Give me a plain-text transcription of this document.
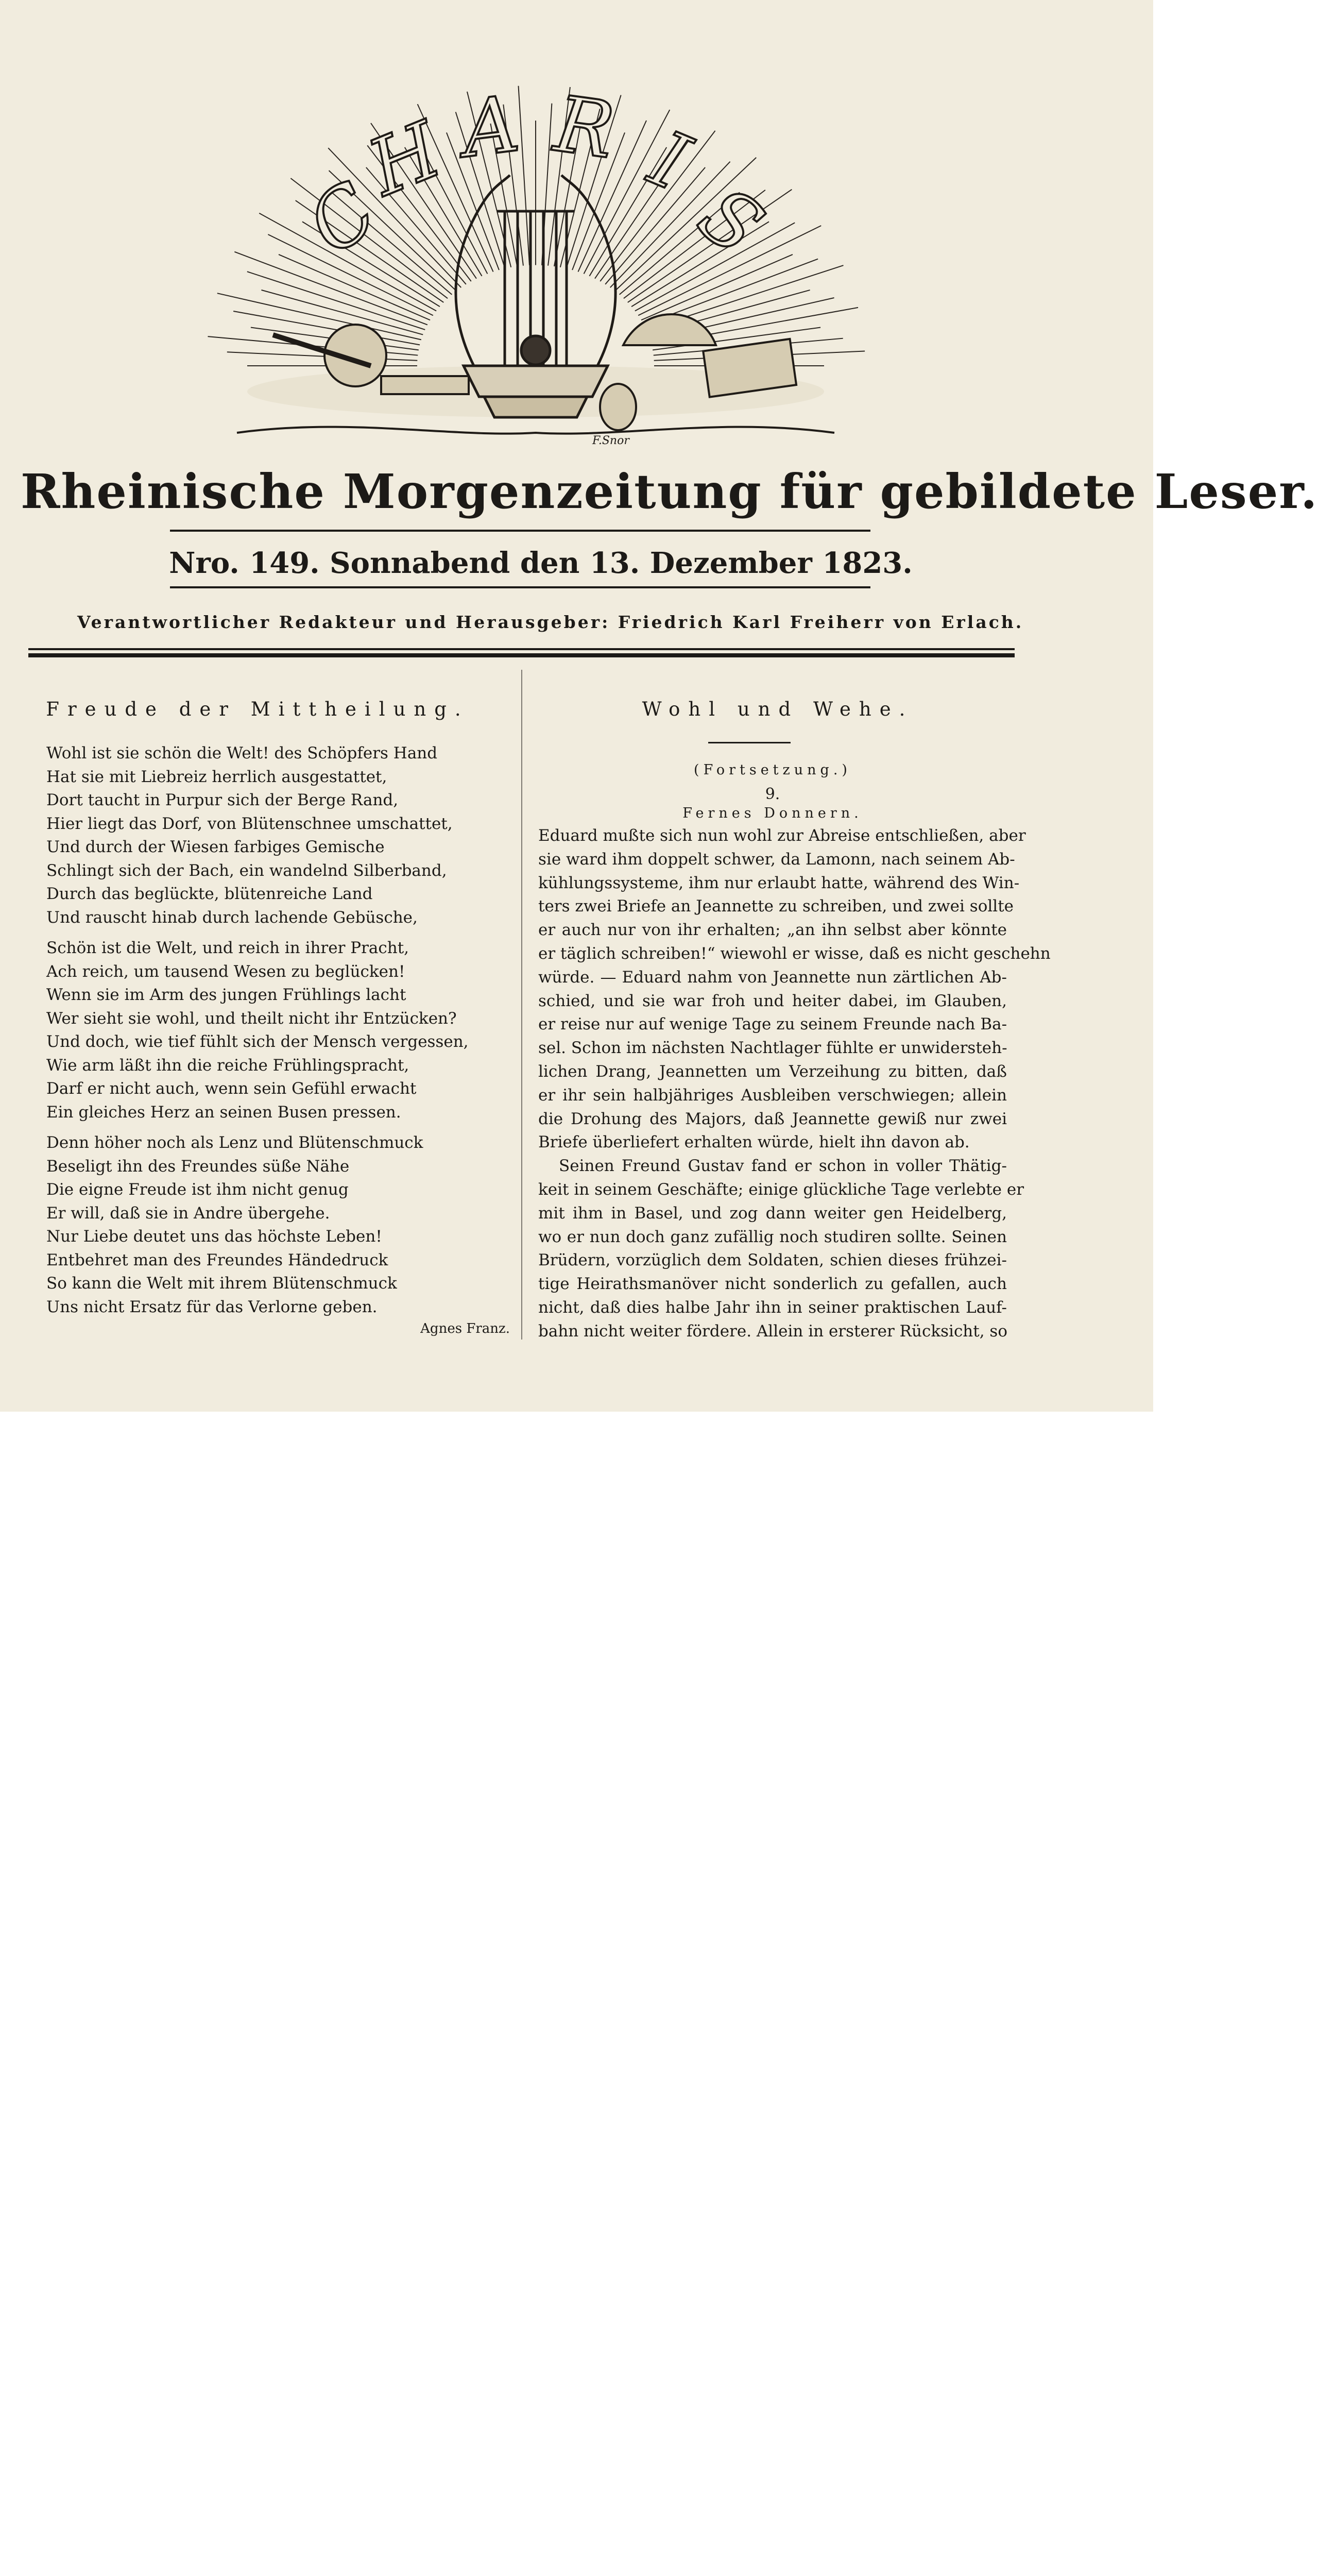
C
H A R I
S
F.Snor
Rheinische Morgenzeitung für gebildete Leser.
Nro. 149. Sonnabend den 13. Dezember 1823.
Verantwortlicher Redakteur und Herausgeber: Friedrich Karl Freiherr von Erlach.
Freude der Mittheilung.	Wohl und Wehe.
Wohl ist sie schön die Welt! des Schöpfers Hand
Hat sie mit Liebreiz herrlich ausgestattet,
Dort taucht in Purpur sich der Berge Rand,
Hier liegt das Dorf, von Blütenschnee umschattet,
Und durch der Wiesen farbiges Gemische
Schlingt sich der Bach, ein wandelnd Silberband,
Durch das beglückte, blütenreiche Land
Und rauscht hinab durch lachende Gebüsche,
Schön ist die Welt, und reich in ihrer Pracht,
Ach reich, um tausend Wesen zu beglücken!
Wenn sie im Arm des jungen Frühlings lacht
Wer sieht sie wohl, und theilt nicht ihr Entzücken?
Und doch, wie tief fühlt sich der Mensch vergessen,
Wie arm läßt ihn die reiche Frühlingspracht,
Darf er nicht auch, wenn sein Gefühl erwacht
Ein gleiches Herz an seinen Busen pressen.
Denn höher noch als Lenz und Blütenschmuck
Beseligt ihn des Freundes süße Nähe
Die eigne Freude ist ihm nicht genug
Er will, daß sie in Andre übergehe.
Nur Liebe deutet uns das höchste Leben!
Entbehret man des Freundes Händedruck
So kann die Welt mit ihrem Blütenschmuck
Uns nicht Ersatz für das Verlorne geben.
Agnes Franz.
(Fortsetzung.)
9.
Fernes Donnern.
Eduard mußte sich nun wohl zur Abreise entschließen, aber
sie ward ihm doppelt schwer, da Lamonn, nach seinem Ab-
kühlungssysteme, ihm nur erlaubt hatte, während des Win-
ters zwei Briefe an Jeannette zu schreiben, und zwei sollte
er auch nur von ihr erhalten; „an ihn selbst aber könnte
er täglich schreiben!“ wiewohl er wisse, daß es nicht geschehn
würde. — Eduard nahm von Jeannette nun zärtlichen Ab-
schied, und sie war froh und heiter dabei, im Glauben,
er reise nur auf wenige Tage zu seinem Freunde nach Ba-
sel. Schon im nächsten Nachtlager fühlte er unwidersteh-
lichen Drang, Jeannetten um Verzeihung zu bitten, daß
er ihr sein halbjähriges Ausbleiben verschwiegen; allein
die Drohung des Majors, daß Jeannette gewiß nur zwei
Briefe überliefert erhalten würde, hielt ihn davon ab.
Seinen Freund Gustav fand er schon in voller Thätig-
keit in seinem Geschäfte; einige glückliche Tage verlebte er
mit ihm in Basel, und zog dann weiter gen Heidelberg,
wo er nun doch ganz zufällig noch studiren sollte. Seinen
Brüdern, vorzüglich dem Soldaten, schien dieses frühzei-
tige Heirathsmanöver nicht sonderlich zu gefallen, auch
nicht, daß dies halbe Jahr ihn in seiner praktischen Lauf-
bahn nicht weiter fördere. Allein in ersterer Rücksicht, so
